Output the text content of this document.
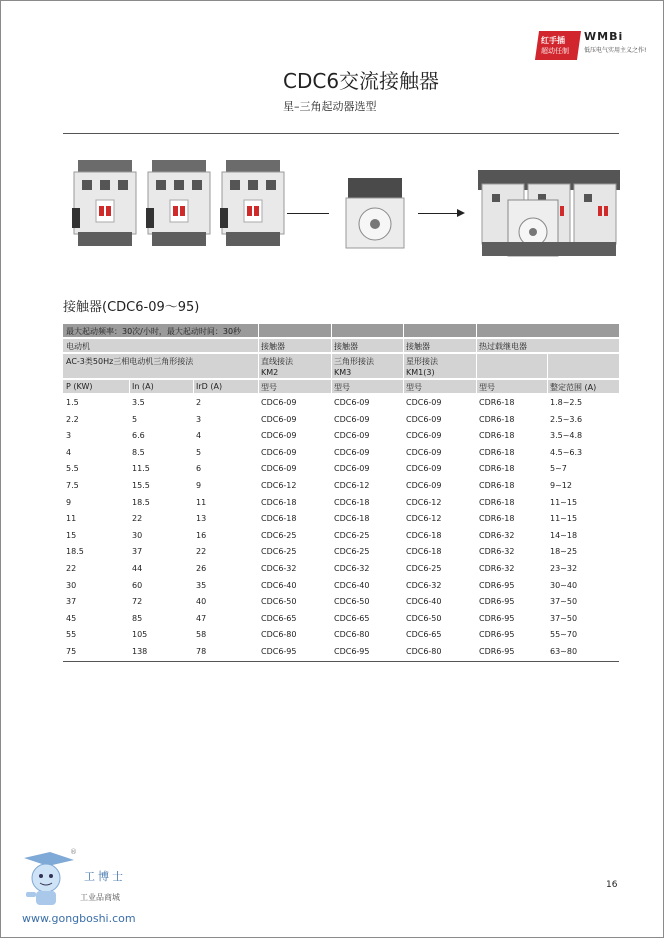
红手插
超动任制
WMBi
低压电气实用主义之作!
CDC6交流接触器
星–三角起动器选型
接触器(CDC6-09～95)
最大起动频率：30次/小时，最大起动时间：30秒
电动机	接触器	接触器	接触器	热过载继电器
AC-3类50Hz三相电动机三角形接法	直线接法	三角形接法	星形接法
KM2	KM3	KM1(3)
P (KW)	In (A)	IrD (A)	型号	型号	型号	型号	整定范围 (A)
1.5	3.5	2	CDC6-09	CDC6-09	CDC6-09	CDR6-18	1.8~2.5
2.2	5	3	CDC6-09	CDC6-09	CDC6-09	CDR6-18	2.5~3.6
3	6.6	4	CDC6-09	CDC6-09	CDC6-09	CDR6-18	3.5~4.8
4	8.5	5	CDC6-09	CDC6-09	CDC6-09	CDR6-18	4.5~6.3
5.5	11.5	6	CDC6-09	CDC6-09	CDC6-09	CDR6-18	5~7
7.5	15.5	9	CDC6-12	CDC6-12	CDC6-09	CDR6-18	9~12
9	18.5	11	CDC6-18	CDC6-18	CDC6-12	CDR6-18	11~15
11	22	13	CDC6-18	CDC6-18	CDC6-12	CDR6-18	11~15
15	30	16	CDC6-25	CDC6-25	CDC6-18	CDR6-32	14~18
18.5	37	22	CDC6-25	CDC6-25	CDC6-18	CDR6-32	18~25
22	44	26	CDC6-32	CDC6-32	CDC6-25	CDR6-32	23~32
30	60	35	CDC6-40	CDC6-40	CDC6-32	CDR6-95	30~40
37	72	40	CDC6-50	CDC6-50	CDC6-40	CDR6-95	37~50
45	85	47	CDC6-65	CDC6-65	CDC6-50	CDR6-95	37~50
55	105	58	CDC6-80	CDC6-80	CDC6-65	CDR6-95	55~70
75	138	78	CDC6-95	CDC6-95	CDC6-80	CDR6-95	63~80
16
®
工博士
工业品商城
www.gongboshi.com
